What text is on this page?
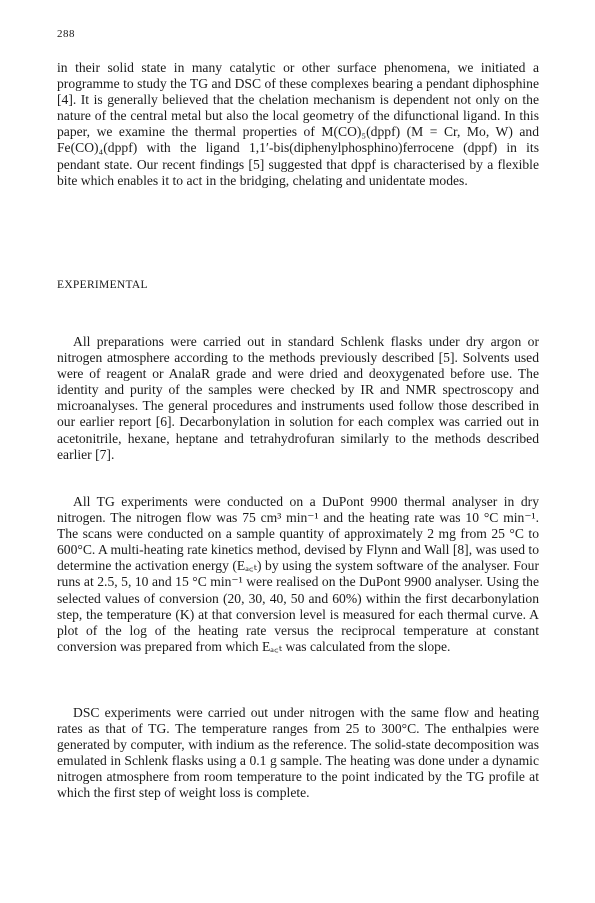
288

in their solid state in many catalytic or other surface phenomena, we initiated a programme to study the TG and DSC of these complexes bearing a pendant diphosphine [4]. It is generally believed that the chelation mechanism is dependent not only on the nature of the central metal but also the local geometry of the difunctional ligand. In this paper, we examine the thermal properties of M(CO)₅(dppf) (M = Cr, Mo, W) and Fe(CO)₄(dppf) with the ligand 1,1′-bis(diphenylphosphino)ferrocene (dppf) in its pendant state. Our recent findings [5] suggested that dppf is characterised by a flexible bite which enables it to act in the bridging, chelating and unidentate modes.

EXPERIMENTAL

All preparations were carried out in standard Schlenk flasks under dry argon or nitrogen atmosphere according to the methods previously described [5]. Solvents used were of reagent or AnalaR grade and were dried and deoxygenated before use. The identity and purity of the samples were checked by IR and NMR spectroscopy and microanalyses. The general procedures and instruments used follow those described in our earlier report [6]. Decarbonylation in solution for each complex was carried out in acetonitrile, hexane, heptane and tetrahydrofuran similarly to the methods described earlier [7].

All TG experiments were conducted on a DuPont 9900 thermal analyser in dry nitrogen. The nitrogen flow was 75 cm³ min⁻¹ and the heating rate was 10 °C min⁻¹. The scans were conducted on a sample quantity of approximately 2 mg from 25 °C to 600°C. A multi-heating rate kinetics method, devised by Flynn and Wall [8], was used to determine the activation energy (Eₐ꜀ₜ) by using the system software of the analyser. Four runs at 2.5, 5, 10 and 15 °C min⁻¹ were realised on the DuPont 9900 analyser. Using the selected values of conversion (20, 30, 40, 50 and 60%) within the first decarbonylation step, the temperature (K) at that conversion level is measured for each thermal curve. A plot of the log of the heating rate versus the reciprocal temperature at constant conversion was prepared from which Eₐ꜀ₜ was calculated from the slope.

DSC experiments were carried out under nitrogen with the same flow and heating rates as that of TG. The temperature ranges from 25 to 300°C. The enthalpies were generated by computer, with indium as the reference. The solid-state decomposition was emulated in Schlenk flasks using a 0.1 g sample. The heating was done under a dynamic nitrogen atmosphere from room temperature to the point indicated by the TG profile at which the first step of weight loss is complete.
